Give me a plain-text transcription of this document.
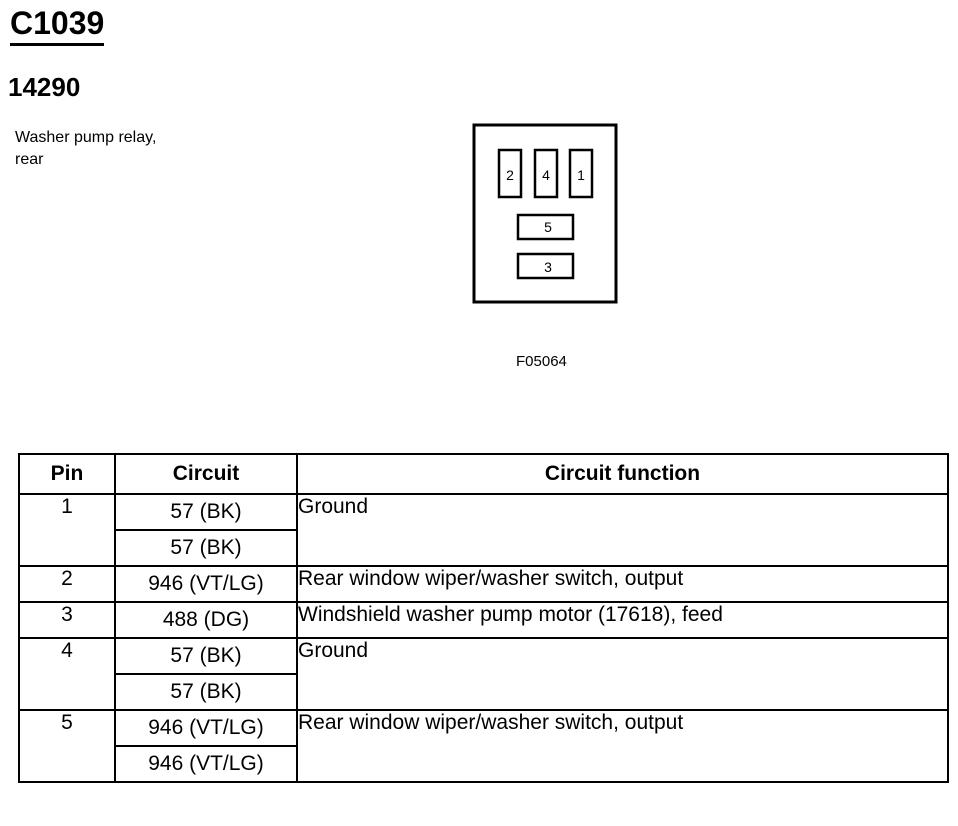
C1039
14290
Washer pump relay,
rear
2 4 1
5
3
F05064
Pin	Circuit	Circuit function
1	57 (BK)	Ground
	57 (BK)	
2	946 (VT/LG)	Rear window wiper/washer switch, output
3	488 (DG)	Windshield washer pump motor (17618), feed
4	57 (BK)	Ground
	57 (BK)	
5	946 (VT/LG)	Rear window wiper/washer switch, output
	946 (VT/LG)	
